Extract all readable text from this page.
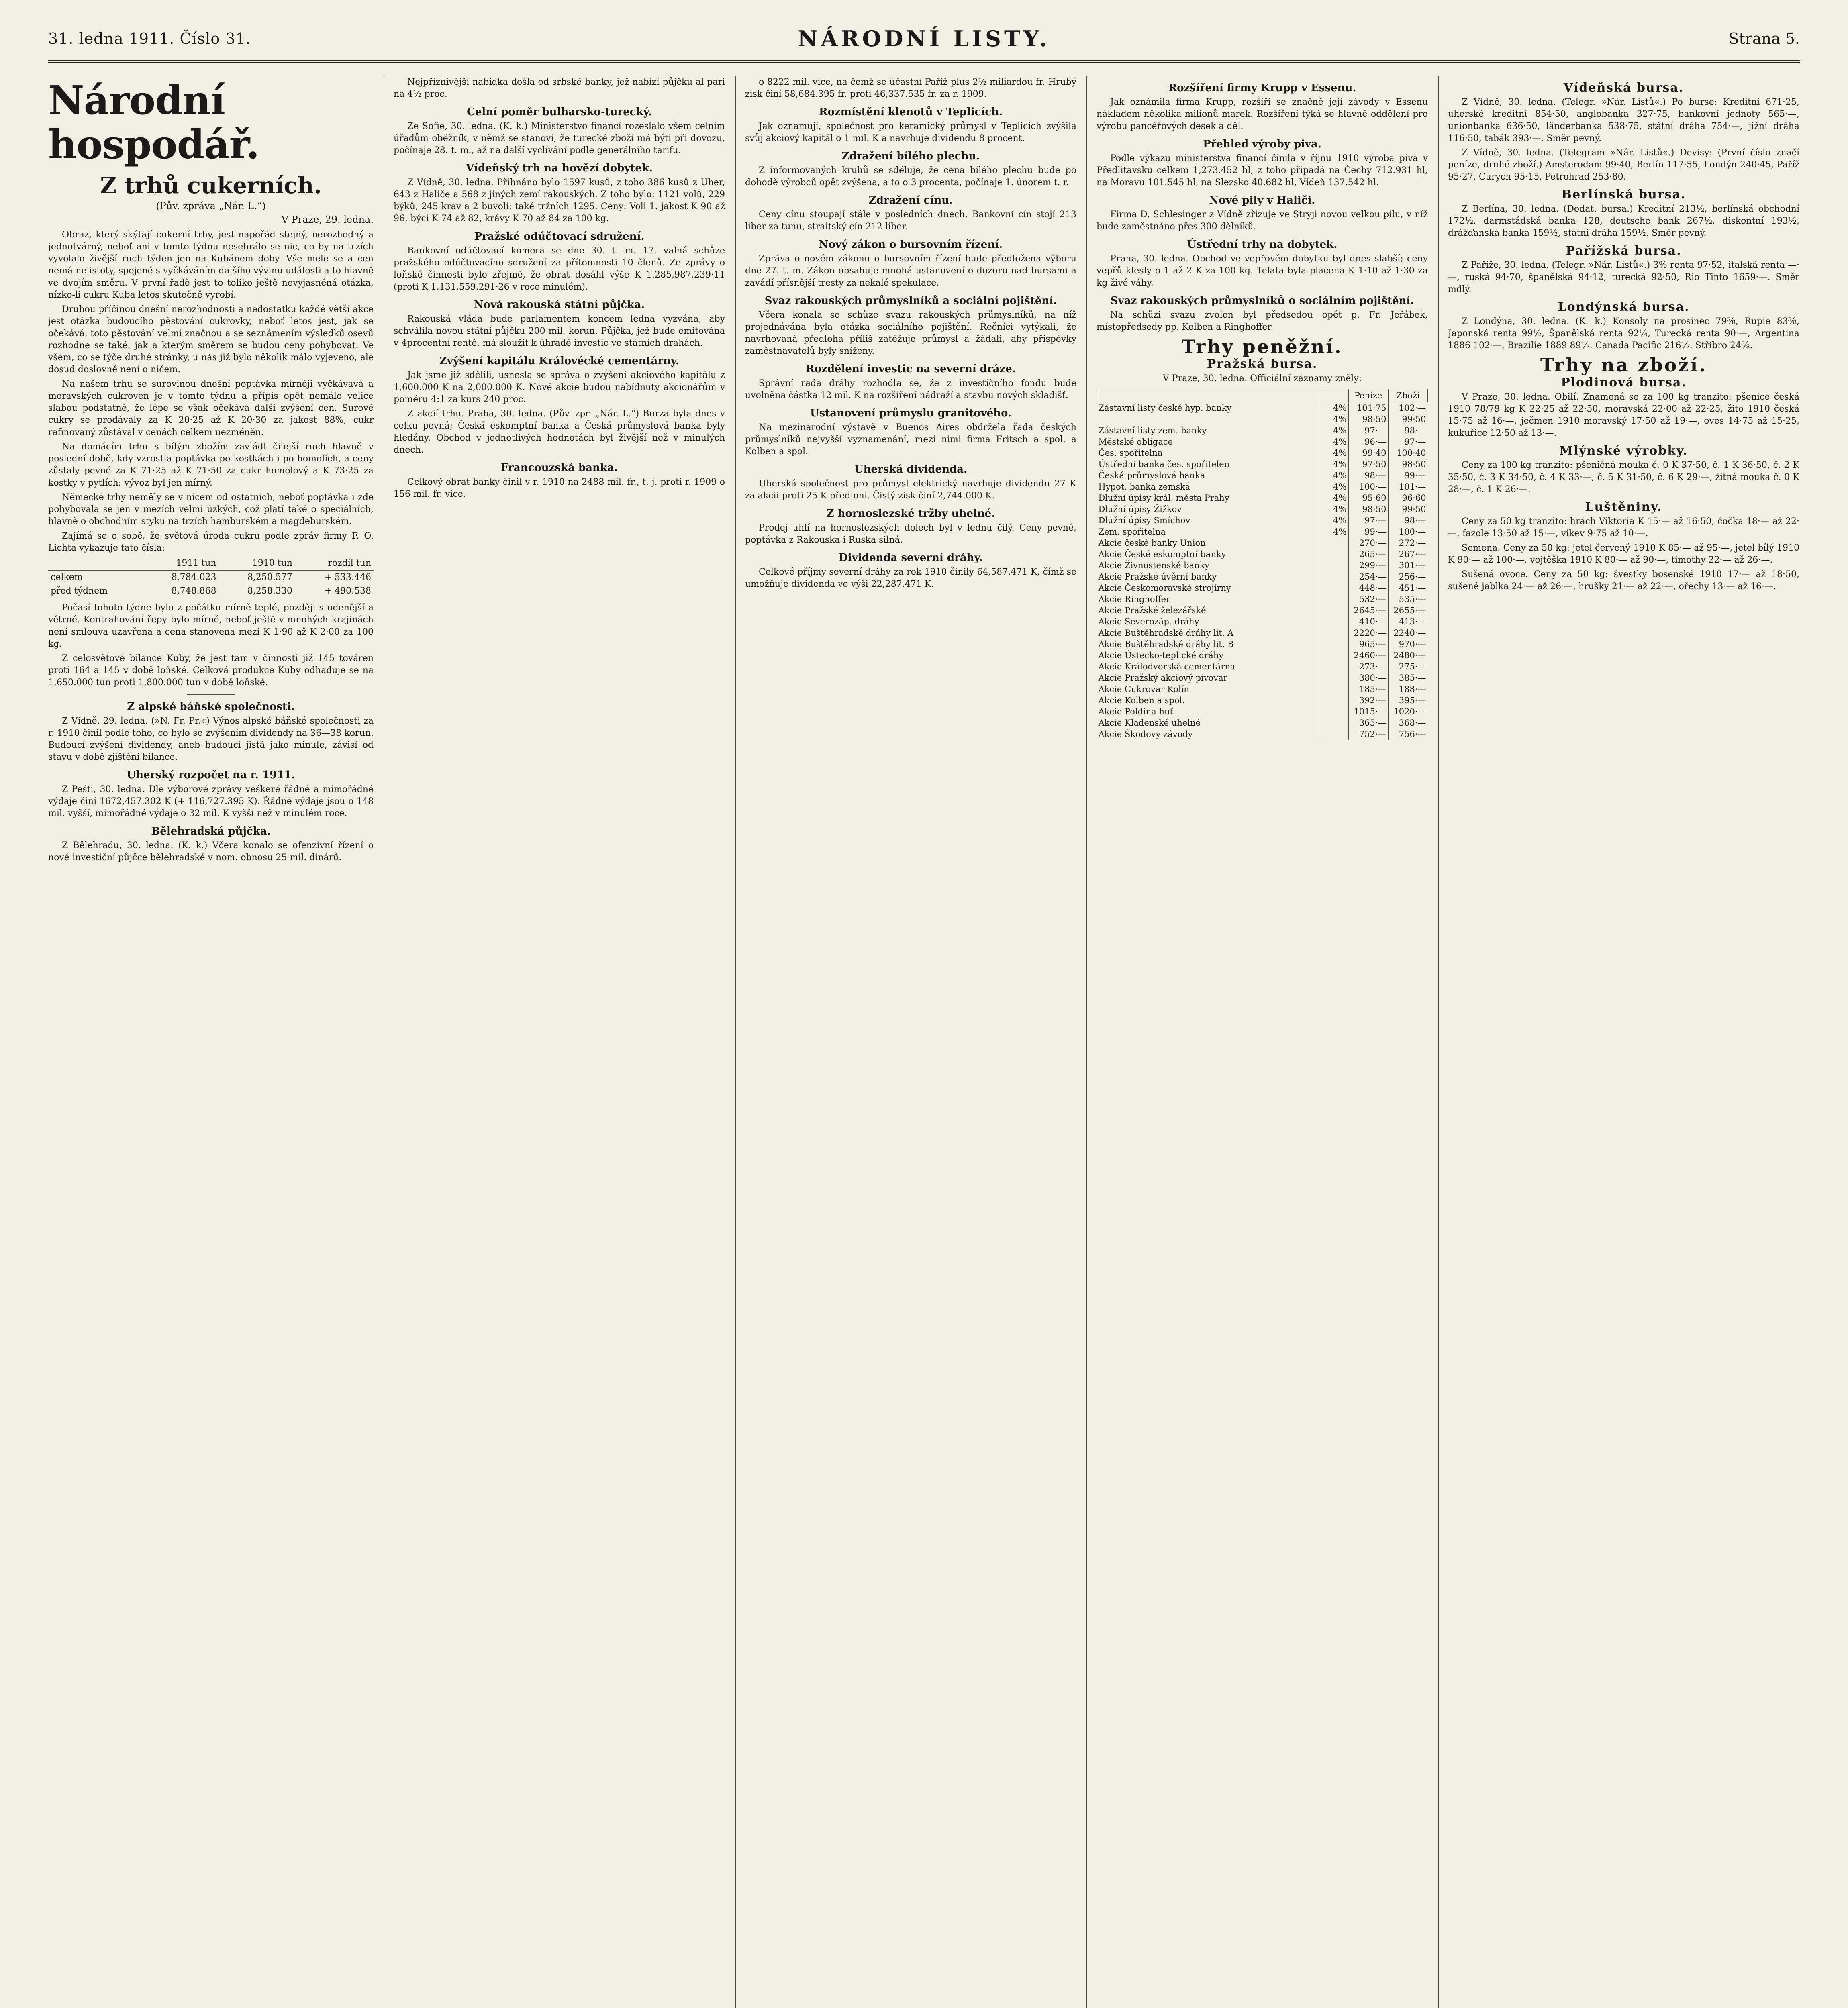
31. ledna 1911. Číslo 31.	NÁRODNÍ LISTY.	Strana 5.
Národní hospodář.
Z trhů cukerních.
(Pův. zpráva „Nár. L.“)
V Praze, 29. ledna.

Obraz, který skýtají cukerní trhy, jest napořád stejný, nerozhodný a jednotvárný, neboť ani v tomto týdnu nesehrálo se nic, co by na trzích vyvolalo živější ruch týden jen na Kubánem doby. Vše mele se a cen nemá nejistoty, spojené s vyčkáváním dalšího vývinu události a to hlavně ve dvojím směru. V první řadě jest to toliko ještě nevyjasněná otázka, nízko-li cukru Kuba letos skutečně vyrobí.

Druhou příčinou dnešní nerozhodnosti a nedostatku každé větší akce jest otázka budoucího pěstování cukrovky, neboť letos jest, jak se očekává, toto pěstování velmi značnou a se seznámením výsledků osevů rozhodne se také, jak a kterým směrem se budou ceny pohybovat. Ve všem, co se týče druhé stránky, u nás již bylo několik málo vyjeveno, ale dosud doslovně není o ničem.

Na našem trhu se surovinou dnešní poptávka mírněji vyčkávavá a moravských cukroven je v tomto týdnu a přípis opět nemálo velice slabou podstatně, že lépe se však očekává další zvýšení cen. Surové cukry se prodávaly za K 20·25 až K 20·30 za jakost 88%, cukr rafinovaný zůstával v cenách celkem nezměněn.

Na domácím trhu s bílým zbožím zavládl čilejší ruch hlavně v poslední době, kdy vzrostla poptávka po kostkách i po homolích, a ceny zůstaly pevné za K 71·25 až K 71·50 za cukr homolový a K 73·25 za kostky v pytlích; vývoz byl jen mírný.

Německé trhy neměly se v nicem od ostatních, neboť poptávka i zde pohybovala se jen v mezích velmi úzkých, což platí také o speciálních, hlavně o obchodním styku na trzích hamburském a magdeburském.

Zajímá se o sobě, že světová úroda cukru podle zpráv firmy F. O. Lichta vykazuje tato čísla:

	1911 tun	1910 tun	rozdíl tun
celkem	8,784.023	8,250.577	+ 533.446
před týdnem	8,748.868	8,258.330	+ 490.538

Počasí tohoto týdne bylo z počátku mírně teplé, později studenější a větrné. Kontrahování řepy bylo mírné, neboť ještě v mnohých krajinách není smlouva uzavřena a cena stanovena mezi K 1·90 až K 2·00 za 100 kg.

Z celosvětové bilance Kuby, že jest tam v činnosti již 145 továren proti 164 a 145 v době loňské. Celková produkce Kuby odhaduje se na 1,650.000 tun proti 1,800.000 tun v době loňské.

Z alpské báňské společnosti.

Z Vídně, 29. ledna. (»N. Fr. Pr.«) Výnos alpské báňské společnosti za r. 1910 činil podle toho, co bylo se zvýšením dividendy na 36—38 korun. Budoucí zvýšení dividendy, aneb budoucí jistá jako minule, závisí od stavu v době zjištění bilance.

Uherský rozpočet na r. 1911.

Z Pešti, 30. ledna. Dle výborové zprávy veškeré řádné a mimořádné výdaje činí 1672,457.302 K (+ 116,727.395 K). Řádné výdaje jsou o 148 mil. vyšší, mimořádné výdaje o 32 mil. K vyšší než v minulém roce.

Bělehradská půjčka.

Z Bělehradu, 30. ledna. (K. k.) Včera konalo se ofenzivní řízení o nové investiční půjčce bělehradské v nom. obnosu 25 mil. dinárů.

Nejpříznivější nabídka došla od srbské banky, jež nabízí půjčku al pari na 4½ proc.

Celní poměr bulharsko-turecký.

Ze Sofie, 30. ledna. (K. k.) Ministerstvo financí rozeslalo všem celním úřadům oběžník, v němž se stanoví, že turecké zboží má býti při dovozu, počínaje 28. t. m., až na další vyclívání podle generálního tarifu.

Vídeňský trh na hovězí dobytek.

Z Vídně, 30. ledna. Přihnáno bylo 1597 kusů, z toho 386 kusů z Uher, 643 z Haliče a 568 z jiných zemí rakouských. Z toho bylo: 1121 volů, 229 býků, 245 krav a 2 buvoli; také tržních 1295. Ceny: Voli 1. jakost K 90 až 96, býci K 74 až 82, krávy K 70 až 84 za 100 kg.

Pražské odúčtovací sdružení.

Bankovní odúčtovací komora se dne 30. t. m. 17. valná schůze pražského odúčtovacího sdružení za přítomnosti 10 členů. Ze zprávy o loňské činnosti bylo zřejmé, že obrat dosáhl výše K 1.285,987.239·11 (proti K 1.131,559.291·26 v roce minulém).

Nová rakouská státní půjčka.

Rakouská vláda bude parlamentem koncem ledna vyzvána, aby schválila novou státní půjčku 200 mil. korun. Půjčka, jež bude emitována v 4procentní rentě, má sloužit k úhradě investic ve státních drahách.

Zvýšení kapitálu Královécké cementárny.

Jak jsme již sdělili, usnesla se správa o zvýšení akciového kapitálu z 1,600.000 K na 2,000.000 K. Nové akcie budou nabídnuty akcionářům v poměru 4:1 za kurs 240 proc.

Z akcií trhu. Praha, 30. ledna. (Pův. zpr. „Nár. L.“) Burza byla dnes v celku pevná; Česká eskomptní banka a Česká průmyslová banka byly hledány. Obchod v jednotlivých hodnotách byl živější než v minulých dnech.

Francouzská banka.

Celkový obrat banky činil v r. 1910 na 2488 mil. fr., t. j. proti r. 1909 o 156 mil. fr. více.

o 8222 mil. více, na čemž se účastní Paříž plus 2½ miliardou fr. Hrubý zisk činí 58,684.395 fr. proti 46,337.535 fr. za r. 1909.

Rozmístění klenotů v Teplicích.

Jak oznamují, společnost pro keramický průmysl v Teplicích zvýšila svůj akciový kapitál o 1 mil. K a navrhuje dividendu 8 procent.

Zdražení bílého plechu.

Z informovaných kruhů se sděluje, že cena bílého plechu bude po dohodě výrobců opět zvýšena, a to o 3 procenta, počínaje 1. únorem t. r.

Zdražení cínu.

Ceny cínu stoupají stále v posledních dnech. Bankovní cín stojí 213 liber za tunu, straitský cín 212 liber.

Nový zákon o bursovním řízení.

Zpráva o novém zákonu o bursovním řízení bude předložena výboru dne 27. t. m. Zákon obsahuje mnohá ustanovení o dozoru nad bursami a zavádí přísnější tresty za nekalé spekulace.

Svaz rakouských průmyslníků a sociální pojištění.

Včera konala se schůze svazu rakouských průmyslníků, na níž projednávána byla otázka sociálního pojištění. Řečníci vytýkali, že navrhovaná předloha příliš zatěžuje průmysl a žádali, aby příspěvky zaměstnavatelů byly sníženy.

Rozdělení investic na severní dráze.

Správní rada dráhy rozhodla se, že z investičního fondu bude uvolněna částka 12 mil. K na rozšíření nádraží a stavbu nových skladišť.

Ustanovení průmyslu granitového.

Na mezinárodní výstavě v Buenos Aires obdržela řada českých průmyslníků nejvyšší vyznamenání, mezi nimi firma Fritsch a spol. a Kolben a spol.

Uherská dividenda.

Uherská společnost pro průmysl elektrický navrhuje dividendu 27 K za akcii proti 25 K předloni. Čistý zisk činí 2,744.000 K.

Z hornoslezské tržby uhelné.

Prodej uhlí na hornoslezských dolech byl v lednu čilý. Ceny pevné, poptávka z Rakouska i Ruska silná.

Dividenda severní dráhy.

Celkové příjmy severní dráhy za rok 1910 činily 64,587.471 K, čímž se umožňuje dividenda ve výši 22,287.471 K.

Rozšíření firmy Krupp v Essenu.

Jak oznámila firma Krupp, rozšíří se značně její závody v Essenu nákladem několika milionů marek. Rozšíření týká se hlavně oddělení pro výrobu pancéřových desek a děl.

Přehled výroby piva.

Podle výkazu ministerstva financí činila v říjnu 1910 výroba piva v Předlitavsku celkem 1,273.452 hl, z toho připadá na Čechy 712.931 hl, na Moravu 101.545 hl, na Slezsko 40.682 hl, Vídeň 137.542 hl.

Nové pily v Haliči.

Firma D. Schlesinger z Vídně zřizuje ve Stryji novou velkou pilu, v níž bude zaměstnáno přes 300 dělníků.

Ústřední trhy na dobytek.

Praha, 30. ledna. Obchod ve vepřovém dobytku byl dnes slabší; ceny vepřů klesly o 1 až 2 K za 100 kg. Telata byla placena K 1·10 až 1·30 za kg živé váhy.

Svaz rakouských průmyslníků o sociálním pojištění.

Na schůzi svazu zvolen byl předsedou opět p. Fr. Jeřábek, místopředsedy pp. Kolben a Ringhoffer.

Trhy peněžní.
Pražská bursa.
V Praze, 30. ledna. Officiální záznamy zněly:
		Peníze	Zboží
Zástavní listy české hyp. banky	4%	101·75	102·—
	4%	98·50	99·50
Zástavní listy zem. banky	4%	97·—	98·—
Městské obligace	4%	96·—	97·—
Čes. spořitelna	4%	99·40	100·40
Ústřední banka čes. spořitelen	4%	97·50	98·50
Česká průmyslová banka	4%	98·—	99·—
Hypot. banka zemská	4%	100·—	101·—
Dlužní úpisy král. města Prahy	4%	95·60	96·60
Dlužní úpisy Žižkov	4%	98·50	99·50
Dlužní úpisy Smíchov	4%	97·—	98·—
Zem. spořitelna	4%	99·—	100·—
Akcie české banky Union		270·—	272·—
Akcie České eskomptní banky		265·—	267·—
Akcie Živnostenské banky		299·—	301·—
Akcie Pražské úvěrní banky		254·—	256·—
Akcie Českomoravské strojírny		448·—	451·—
Akcie Ringhoffer		532·—	535·—
Akcie Pražské železářské		2645·—	2655·—
Akcie Severozáp. dráhy		410·—	413·—
Akcie Buštěhradské dráhy lit. A		2220·—	2240·—
Akcie Buštěhradské dráhy lit. B		965·—	970·—
Akcie Ústecko-teplické dráhy		2460·—	2480·—
Akcie Králodvorská cementárna		273·—	275·—
Akcie Pražský akciový pivovar		380·—	385·—
Akcie Cukrovar Kolín		185·—	188·—
Akcie Kolben a spol.		392·—	395·—
Akcie Poldina huť		1015·—	1020·—
Akcie Kladenské uhelné		365·—	368·—
Akcie Škodovy závody		752·—	756·—
Vídeňská bursa.

Z Vídně, 30. ledna. (Telegr. »Nár. Listů«.) Po burse: Kreditní 671·25, uherské kreditní 854·50, anglobanka 327·75, bankovní jednoty 565·—, unionbanka 636·50, länderbanka 538·75, státní dráha 754·—, jižní dráha 116·50, tabák 393·—. Směr pevný.

Z Vídně, 30. ledna. (Telegram »Nár. Listů«.) Devisy: (První číslo značí peníze, druhé zboží.) Amsterodam 99·40, Berlín 117·55, Londýn 240·45, Paříž 95·27, Curych 95·15, Petrohrad 253·80.

Berlínská bursa.

Z Berlína, 30. ledna. (Dodat. bursa.) Kreditní 213½, berlínská obchodní 172½, darmstádská banka 128, deutsche bank 267½, diskontní 193½, drážďanská banka 159½, státní dráha 159½. Směr pevný.

Pařížská bursa.

Z Paříže, 30. ledna. (Telegr. »Nár. Listů«.) 3% renta 97·52, italská renta —·—, ruská 94·70, španělská 94·12, turecká 92·50, Rio Tinto 1659·—. Směr mdlý.

Londýnská bursa.

Z Londýna, 30. ledna. (K. k.) Konsoly na prosinec 79⅝, Rupie 83⅝, Japonská renta 99½, Španělská renta 92¼, Turecká renta 90·—, Argentina 1886 102·—, Brazilie 1889 89½, Canada Pacific 216½. Stříbro 24⅝.

Trhy na zboží.
Plodinová bursa.

V Praze, 30. ledna. Obilí. Znamená se za 100 kg tranzito: pšenice česká 1910 78/79 kg K 22·25 až 22·50, moravská 22·00 až 22·25, žito 1910 česká 15·75 až 16·—, ječmen 1910 moravský 17·50 až 19·—, oves 14·75 až 15·25, kukuřice 12·50 až 13·—.

Mlýnské výrobky.

Ceny za 100 kg tranzito: pšeničná mouka č. 0 K 37·50, č. 1 K 36·50, č. 2 K 35·50, č. 3 K 34·50, č. 4 K 33·—, č. 5 K 31·50, č. 6 K 29·—, žitná mouka č. 0 K 28·—, č. 1 K 26·—.

Luštěniny.

Ceny za 50 kg tranzito: hrách Viktoria K 15·— až 16·50, čočka 18·— až 22·—, fazole 13·50 až 15·—, vikev 9·75 až 10·—.

Semena. Ceny za 50 kg: jetel červený 1910 K 85·— až 95·—, jetel bílý 1910 K 90·— až 100·—, vojtěška 1910 K 80·— až 90·—, timothy 22·— až 26·—.

Sušená ovoce. Ceny za 50 kg: švestky bosenské 1910 17·— až 18·50, sušené jablka 24·— až 26·—, hrušky 21·— až 22·—, ořechy 13·— až 16·—.
